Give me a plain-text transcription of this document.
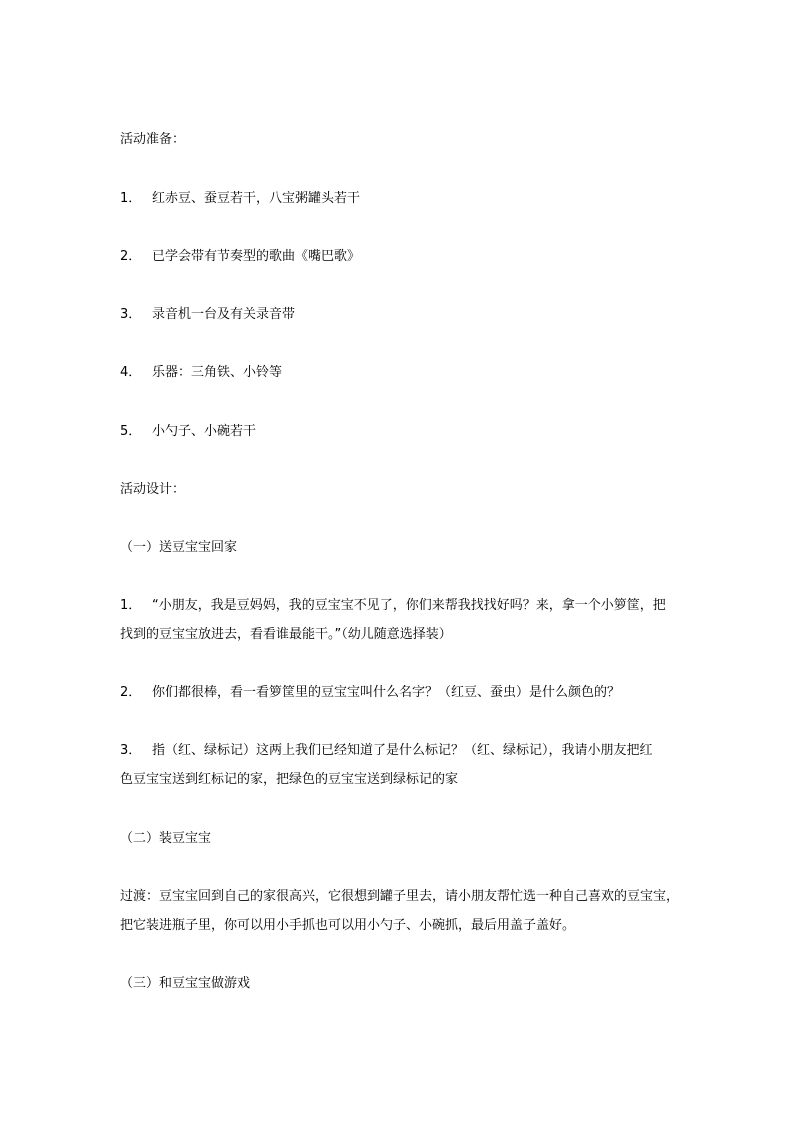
活动准备：
1． 红赤豆、蚕豆若干，八宝粥罐头若干
2． 已学会带有节奏型的歌曲《嘴巴歌》
3． 录音机一台及有关录音带
4． 乐器：三角铁、小铃等
5． 小勺子、小碗若干
活动设计：
（一）送豆宝宝回家
1． “小朋友，我是豆妈妈，我的豆宝宝不见了，你们来帮我找找好吗？来，拿一个小箩筐，把
找到的豆宝宝放进去，看看谁最能干。”（幼儿随意选择装）
2． 你们都很棒，看一看箩筐里的豆宝宝叫什么名字？（红豆、蚕虫）是什么颜色的？
3． 指（红、绿标记）这两上我们已经知道了是什么标记？（红、绿标记），我请小朋友把红
色豆宝宝送到红标记的家，把绿色的豆宝宝送到绿标记的家
（二）装豆宝宝
过渡：豆宝宝回到自己的家很高兴，它很想到罐子里去，请小朋友帮忙选一种自己喜欢的豆宝宝，
把它装进瓶子里，你可以用小手抓也可以用小勺子、小碗抓，最后用盖子盖好。
（三）和豆宝宝做游戏
